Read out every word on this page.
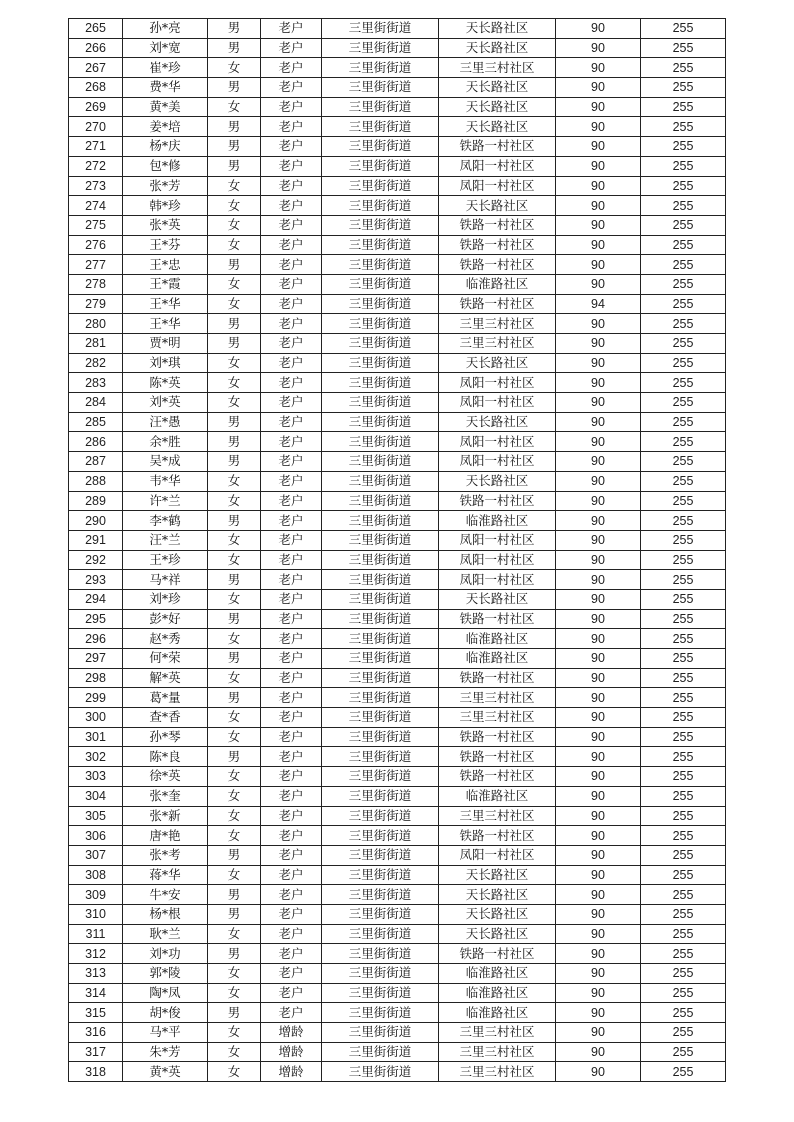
265	孙*亮	男	老户	三里街街道	天长路社区	90	255
266	刘*宽	男	老户	三里街街道	天长路社区	90	255
267	崔*珍	女	老户	三里街街道	三里三村社区	90	255
268	费*华	男	老户	三里街街道	天长路社区	90	255
269	黄*美	女	老户	三里街街道	天长路社区	90	255
270	姜*培	男	老户	三里街街道	天长路社区	90	255
271	杨*庆	男	老户	三里街街道	铁路一村社区	90	255
272	包*修	男	老户	三里街街道	凤阳一村社区	90	255
273	张*芳	女	老户	三里街街道	凤阳一村社区	90	255
274	韩*珍	女	老户	三里街街道	天长路社区	90	255
275	张*英	女	老户	三里街街道	铁路一村社区	90	255
276	王*芬	女	老户	三里街街道	铁路一村社区	90	255
277	王*忠	男	老户	三里街街道	铁路一村社区	90	255
278	王*霞	女	老户	三里街街道	临淮路社区	90	255
279	王*华	女	老户	三里街街道	铁路一村社区	94	255
280	王*华	男	老户	三里街街道	三里三村社区	90	255
281	贾*明	男	老户	三里街街道	三里三村社区	90	255
282	刘*琪	女	老户	三里街街道	天长路社区	90	255
283	陈*英	女	老户	三里街街道	凤阳一村社区	90	255
284	刘*英	女	老户	三里街街道	凤阳一村社区	90	255
285	汪*愚	男	老户	三里街街道	天长路社区	90	255
286	余*胜	男	老户	三里街街道	凤阳一村社区	90	255
287	吴*成	男	老户	三里街街道	凤阳一村社区	90	255
288	韦*华	女	老户	三里街街道	天长路社区	90	255
289	许*兰	女	老户	三里街街道	铁路一村社区	90	255
290	李*鹤	男	老户	三里街街道	临淮路社区	90	255
291	汪*兰	女	老户	三里街街道	凤阳一村社区	90	255
292	王*珍	女	老户	三里街街道	凤阳一村社区	90	255
293	马*祥	男	老户	三里街街道	凤阳一村社区	90	255
294	刘*珍	女	老户	三里街街道	天长路社区	90	255
295	彭*好	男	老户	三里街街道	铁路一村社区	90	255
296	赵*秀	女	老户	三里街街道	临淮路社区	90	255
297	何*荣	男	老户	三里街街道	临淮路社区	90	255
298	解*英	女	老户	三里街街道	铁路一村社区	90	255
299	葛*量	男	老户	三里街街道	三里三村社区	90	255
300	查*香	女	老户	三里街街道	三里三村社区	90	255
301	孙*琴	女	老户	三里街街道	铁路一村社区	90	255
302	陈*良	男	老户	三里街街道	铁路一村社区	90	255
303	徐*英	女	老户	三里街街道	铁路一村社区	90	255
304	张*奎	女	老户	三里街街道	临淮路社区	90	255
305	张*新	女	老户	三里街街道	三里三村社区	90	255
306	唐*艳	女	老户	三里街街道	铁路一村社区	90	255
307	张*考	男	老户	三里街街道	凤阳一村社区	90	255
308	蒋*华	女	老户	三里街街道	天长路社区	90	255
309	牛*安	男	老户	三里街街道	天长路社区	90	255
310	杨*根	男	老户	三里街街道	天长路社区	90	255
311	耿*兰	女	老户	三里街街道	天长路社区	90	255
312	刘*功	男	老户	三里街街道	铁路一村社区	90	255
313	郭*陵	女	老户	三里街街道	临淮路社区	90	255
314	陶*凤	女	老户	三里街街道	临淮路社区	90	255
315	胡*俊	男	老户	三里街街道	临淮路社区	90	255
316	马*平	女	增龄	三里街街道	三里三村社区	90	255
317	朱*芳	女	增龄	三里街街道	三里三村社区	90	255
318	黄*英	女	增龄	三里街街道	三里三村社区	90	255
